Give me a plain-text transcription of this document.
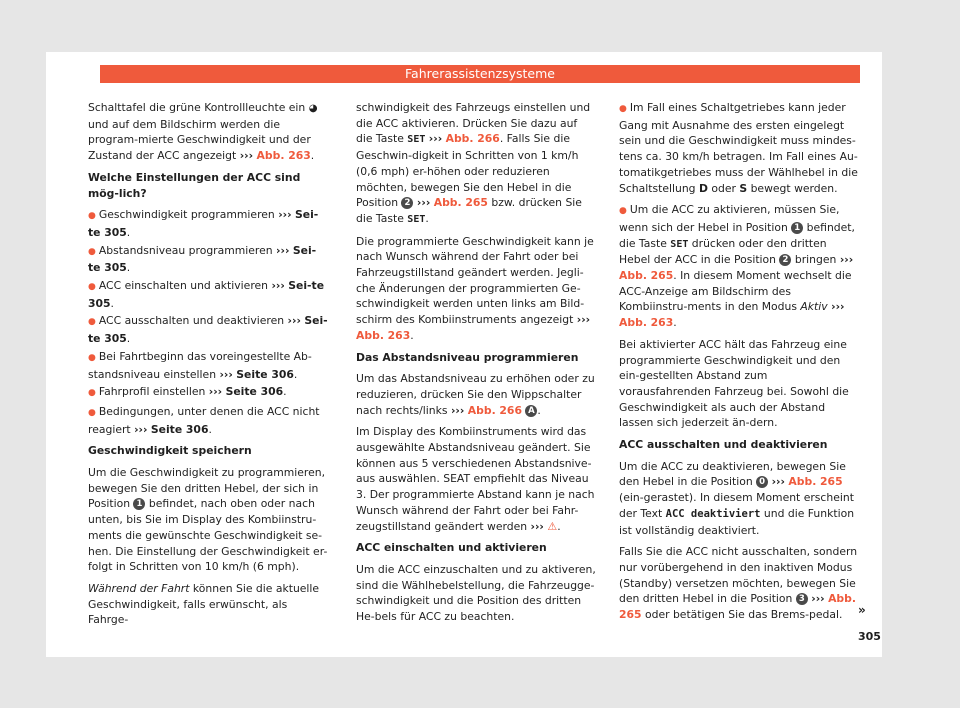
Fahrerassistenzsysteme

Schalttafel die grüne Kontrollleuchte ein ◕ und auf dem Bildschirm werden die program-mierte Geschwindigkeit und der Zustand der ACC angezeigt ››› Abb. 263.

Welche Einstellungen der ACC sind mög-lich?

● Geschwindigkeit programmieren ››› Sei-te 305.

● Abstandsniveau programmieren ››› Sei-te 305.

● ACC einschalten und aktivieren ››› Sei-te 305.

● ACC ausschalten und deaktivieren ››› Sei-te 305.

● Bei Fahrtbeginn das voreingestellte Ab-standsniveau einstellen ››› Seite 306.

● Fahrprofil einstellen ››› Seite 306.

● Bedingungen, unter denen die ACC nicht reagiert ››› Seite 306.

Geschwindigkeit speichern

Um die Geschwindigkeit zu programmieren, bewegen Sie den dritten Hebel, der sich in Position 1 befindet, nach oben oder nach unten, bis Sie im Display des Kombiinstru-ments die gewünschte Geschwindigkeit se-hen. Die Einstellung der Geschwindigkeit er-folgt in Schritten von 10 km/h (6 mph).

Während der Fahrt können Sie die aktuelle Geschwindigkeit, falls erwünscht, als Fahrge-

schwindigkeit des Fahrzeugs einstellen und die ACC aktivieren. Drücken Sie dazu auf die Taste SET ››› Abb. 266. Falls Sie die Geschwin-digkeit in Schritten von 1 km/h (0,6 mph) er-höhen oder reduzieren möchten, bewegen Sie den Hebel in die Position 2 ››› Abb. 265 bzw. drücken Sie die Taste SET.

Die programmierte Geschwindigkeit kann je nach Wunsch während der Fahrt oder bei Fahrzeugstillstand geändert werden. Jegli-che Änderungen der programmierten Ge-schwindigkeit werden unten links am Bild-schirm des Kombiinstruments angezeigt ››› Abb. 263.

Das Abstandsniveau programmieren

Um das Abstandsniveau zu erhöhen oder zu reduzieren, drücken Sie den Wippschalter nach rechts/links ››› Abb. 266 A .

Im Display des Kombiinstruments wird das ausgewählte Abstandsniveau geändert. Sie können aus 5 verschiedenen Abstandsnive-aus auswählen. SEAT empfiehlt das Niveau 3. Der programmierte Abstand kann je nach Wunsch während der Fahrt oder bei Fahr-zeugstillstand geändert werden ››› ⚠.

ACC einschalten und aktivieren

Um die ACC einzuschalten und zu aktiveren, sind die Wählhebelstellung, die Fahrzeugge-schwindigkeit und die Position des dritten He-bels für ACC zu beachten.

● Im Fall eines Schaltgetriebes kann jeder Gang mit Ausnahme des ersten eingelegt sein und die Geschwindigkeit muss mindes-tens ca. 30 km/h betragen. Im Fall eines Au-tomatikgetriebes muss der Wählhebel in die Schaltstellung D oder S bewegt werden.

● Um die ACC zu aktivieren, müssen Sie, wenn sich der Hebel in Position 1 befindet, die Taste SET drücken oder den dritten Hebel der ACC in die Position 2 bringen ››› Abb. 265. In diesem Moment wechselt die ACC-Anzeige am Bildschirm des Kombiinstru-ments in den Modus Aktiv ››› Abb. 263.

Bei aktivierter ACC hält das Fahrzeug eine programmierte Geschwindigkeit und den ein-gestellten Abstand zum vorausfahrenden Fahrzeug bei. Sowohl die Geschwindigkeit als auch der Abstand lassen sich jederzeit än-dern.

ACC ausschalten und deaktivieren

Um die ACC zu deaktivieren, bewegen Sie den Hebel in die Position 0 ››› Abb. 265 (ein-gerastet). In diesem Moment erscheint der Text ACC deaktiviert und die Funktion ist vollständig deaktiviert.

Falls Sie die ACC nicht ausschalten, sondern nur vorübergehend in den inaktiven Modus (Standby) versetzen möchten, bewegen Sie den dritten Hebel in die Position 3 ››› Abb. 265 oder betätigen Sie das Brems-pedal.	»
305
